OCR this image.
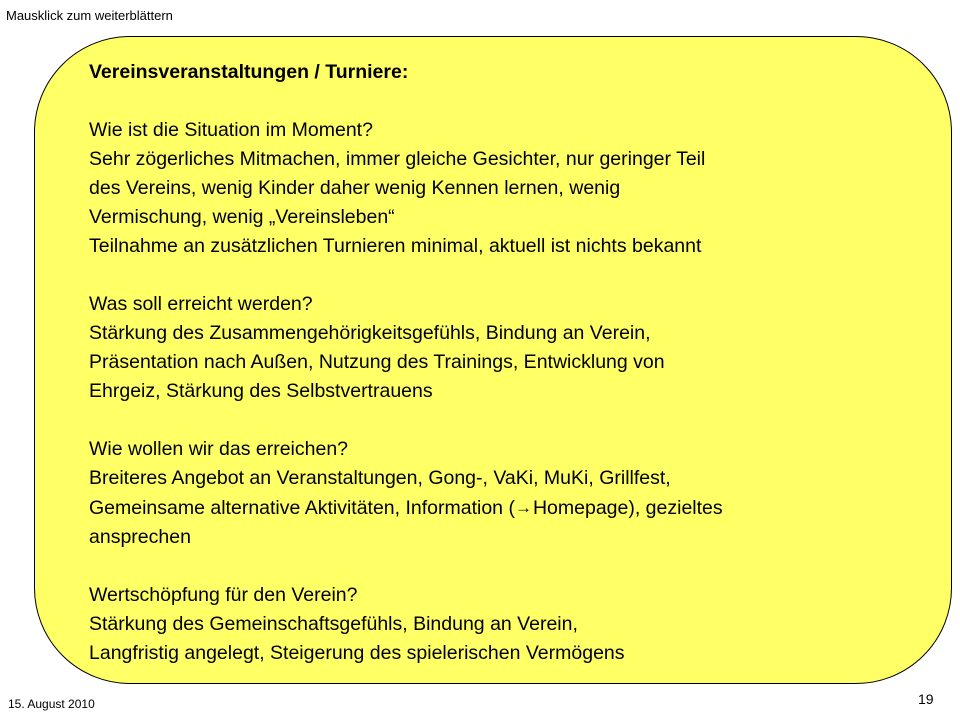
Mausklick zum weiterblättern

Vereinsveranstaltungen / Turniere:

Wie ist die Situation im Moment?

Sehr zögerliches Mitmachen, immer gleiche Gesichter, nur geringer Teil

des Vereins, wenig Kinder daher wenig Kennen lernen, wenig

Vermischung, wenig „Vereinsleben“

Teilnahme an zusätzlichen Turnieren minimal, aktuell ist nichts bekannt

Was soll erreicht werden?

Stärkung des Zusammengehörigkeitsgefühls, Bindung an Verein,

Präsentation nach Außen, Nutzung des Trainings, Entwicklung von

Ehrgeiz, Stärkung des Selbstvertrauens

Wie wollen wir das erreichen?

Breiteres Angebot an Veranstaltungen, Gong-, VaKi, MuKi, Grillfest,

Gemeinsame alternative Aktivitäten, Information (→Homepage), gezieltes

ansprechen

Wertschöpfung für den Verein?

Stärkung des Gemeinschaftsgefühls, Bindung an Verein,

Langfristig angelegt, Steigerung des spielerischen Vermögens

15. August 2010	19
